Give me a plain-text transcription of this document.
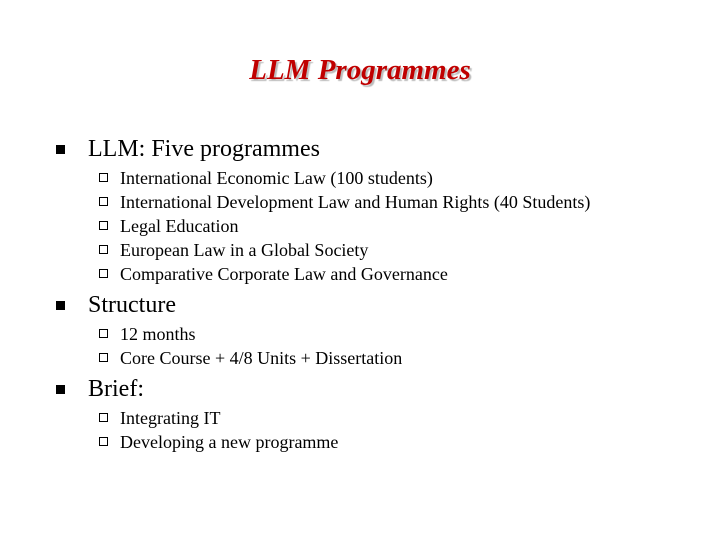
LLM Programmes
LLM: Five programmes
International Economic Law (100 students)
International Development Law and Human Rights (40 Students)
Legal Education
European Law in a Global Society
Comparative Corporate Law and Governance
Structure
12 months
Core Course + 4/8 Units + Dissertation
Brief:
Integrating IT
Developing a new programme
